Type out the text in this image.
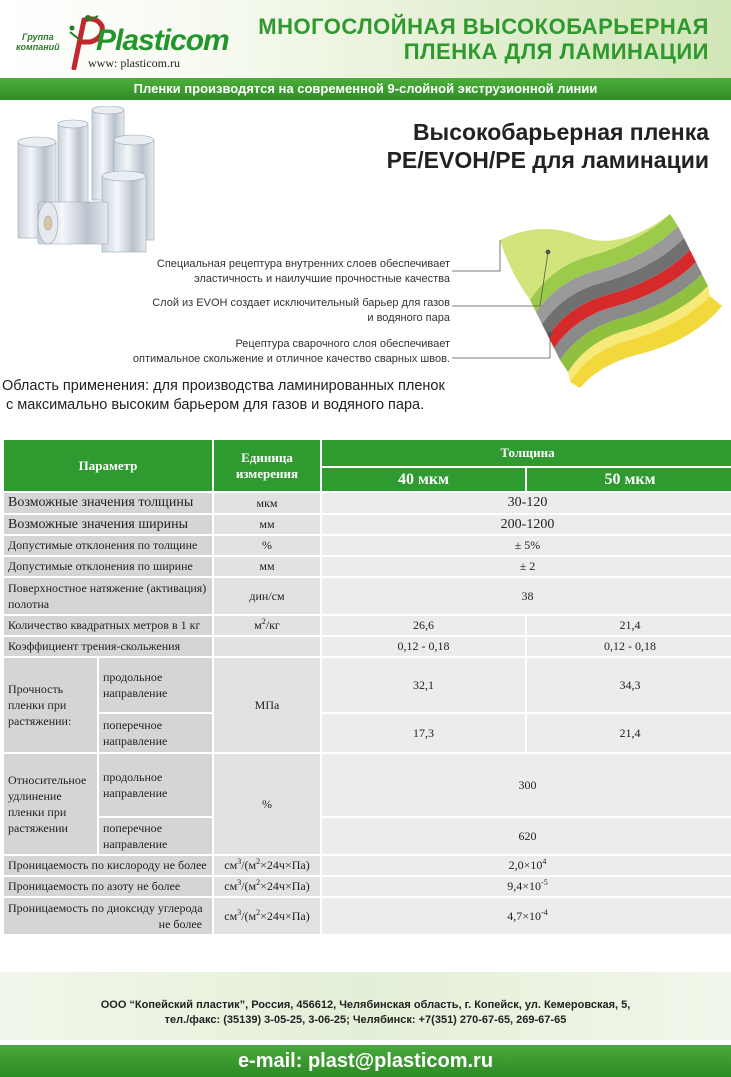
Группа
компаний Plasticom
www: plasticom.ru
МНОГОСЛОЙНАЯ ВЫСОКОБАРЬЕРНАЯ
ПЛЕНКА ДЛЯ ЛАМИНАЦИИ
Пленки производятся на современной 9-слойной экструзионной линии
Высокобарьерная пленка
PE/EVOH/PE для ламинации
Специальная рецептура внутренних слоев обеспечивает
эластичность и наилучшие прочностные качества
Слой из EVOH создает исключительный барьер для газов
и водяного пара
Рецептура сварочного слоя обеспечивает
оптимальное скольжение и отличное качество сварных швов.
Область применения: для производства ламинированных пленок
с максимально высоким барьером для газов и водяного пара.
Параметр		Единица измерения	Толщина	
			40 мкм	50 мкм
Возможные значения толщины		мкм	30-120	
Возможные значения ширины		мм	200-1200	
Допустимые отклонения по толщине		%	± 5%	
Допустимые отклонения по ширине		мм	± 2	
Поверхностное натяжение (активация) полотна		дин/см	38	
Количество квадратных метров в 1 кг		$м^2/кг$	26,6	21,4
Коэффициент трения-скольжения			0,12 - 0,18	0,12 - 0,18
Прочность пленки при растяжении:	продольное направление	МПа	32,1	34,3
	поперечное направление		17,3	21,4
Относительное удлинение пленки при растяжении	продольное направление	%	300	
	поперечное направление		620	
Проницаемость по кислороду не более		$см^3/(м^2\times 24ч\times Па)$	$2,0\times 10^4$
Проницаемость по азоту не более		$см^3/(м^2\times 24ч\times Па)$	$9,4\times 10^{-5}$

Проницаемость по диоксиду углерода
не более		$см^3/(м^2\times 24ч\times Па)$	$4,7\times 10^{-4}$
ООО “Копейский пластик”, Россия, 456612, Челябинская область, г. Копейск, ул. Кемеровская, 5,
тел./факс: (35139) 3-05-25, 3-06-25; Челябинск: +7(351) 270-67-65, 269-67-65
e-mail: plast@plasticom.ru
